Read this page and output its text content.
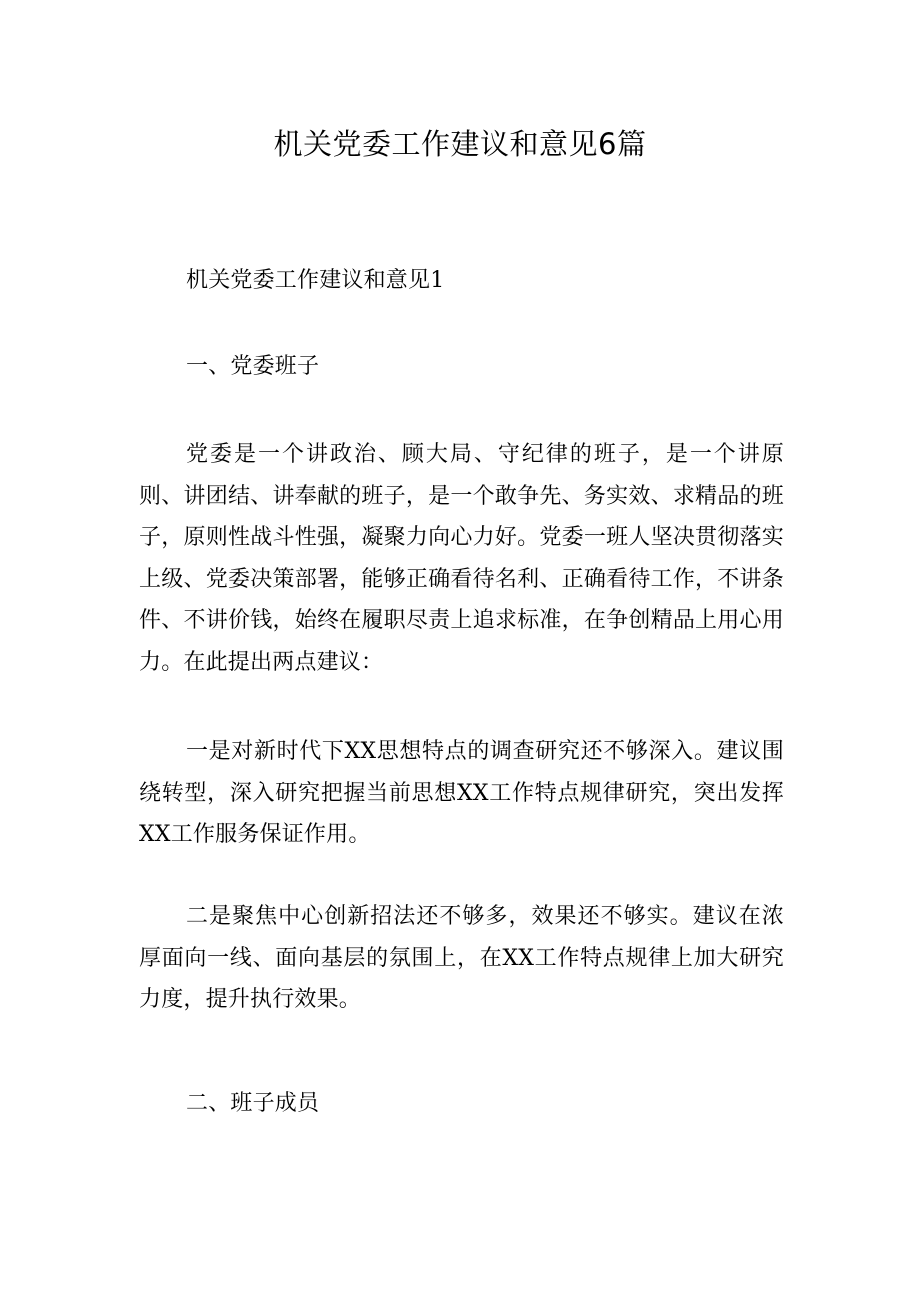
机关党委工作建议和意见6篇

机关党委工作建议和意见1

一、党委班子

党委是一个讲政治、顾大局、守纪律的班子，是一个讲原则、讲团结、讲奉献的班子，是一个敢争先、务实效、求精品的班子，原则性战斗性强，凝聚力向心力好。党委一班人坚决贯彻落实上级、党委决策部署，能够正确看待名利、正确看待工作，不讲条件、不讲价钱，始终在履职尽责上追求标准，在争创精品上用心用力。在此提出两点建议：

一是对新时代下XX思想特点的调查研究还不够深入。建议围绕转型，深入研究把握当前思想XX工作特点规律研究，突出发挥XX工作服务保证作用。

二是聚焦中心创新招法还不够多，效果还不够实。建议在浓厚面向一线、面向基层的氛围上，在XX工作特点规律上加大研究力度，提升执行效果。

二、班子成员
